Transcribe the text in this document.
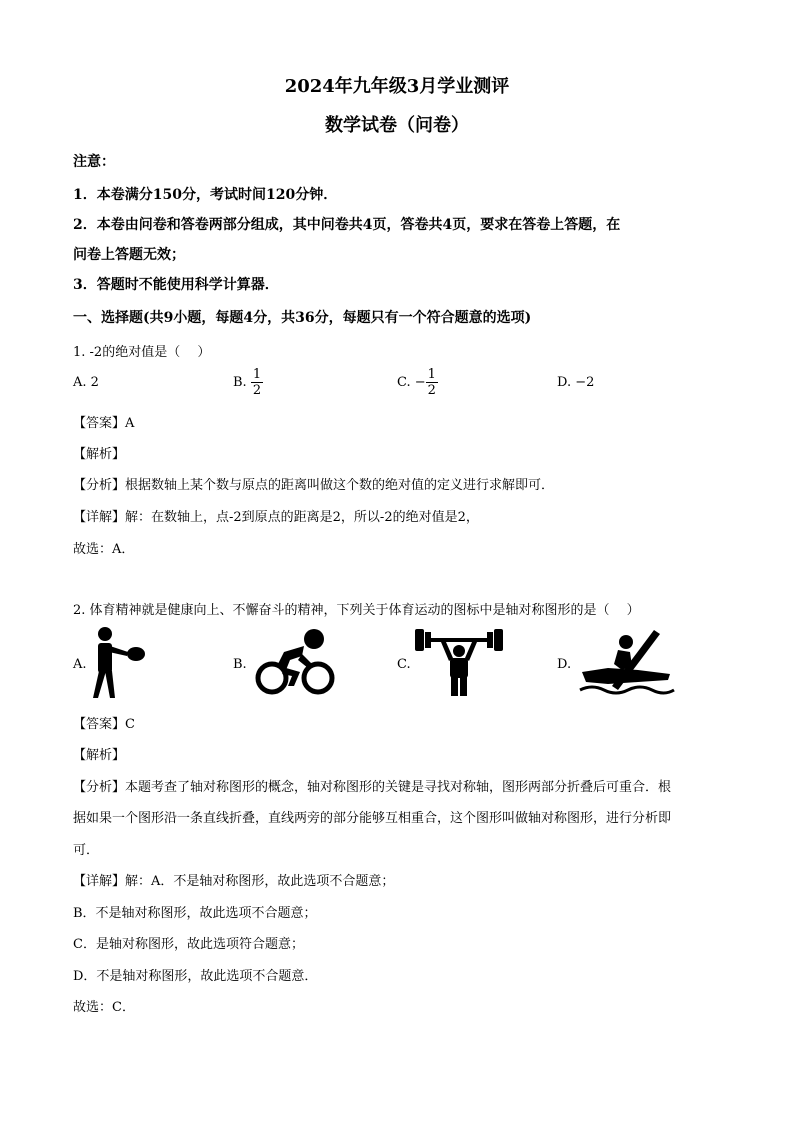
2024年九年级3月学业测评
数学试卷（问卷）
注意：
1．本卷满分150分，考试时间120分钟．
2．本卷由问卷和答卷两部分组成，其中问卷共4页，答卷共4页，要求在答卷上答题，在
问卷上答题无效；
3．答题时不能使用科学计算器．
一、选择题(共9小题，每题4分，共36分，每题只有一个符合题意的选项)
1. -2的绝对值是（　 ）
A. 2	B. $\frac{1}{2}$	C. − $\frac{1}{2}$	D. −2
【答案】A
【解析】
【分析】根据数轴上某个数与原点的距离叫做这个数的绝对值的定义进行求解即可．
【详解】解：在数轴上，点-2到原点的距离是2，所以-2的绝对值是2，
故选：A．
2. 体育精神就是健康向上、不懈奋斗的精神，下列关于体育运动的图标中是轴对称图形的是（　 ）
A.	B.	C.	D.
【答案】C
【解析】
【分析】本题考查了轴对称图形的概念，轴对称图形的关键是寻找对称轴，图形两部分折叠后可重合．根
据如果一个图形沿一条直线折叠，直线两旁的部分能够互相重合，这个图形叫做轴对称图形，进行分析即
可．
【详解】解：A．不是轴对称图形，故此选项不合题意；
B．不是轴对称图形，故此选项不合题意；
C．是轴对称图形，故此选项符合题意；
D．不是轴对称图形，故此选项不合题意．
故选：C．
